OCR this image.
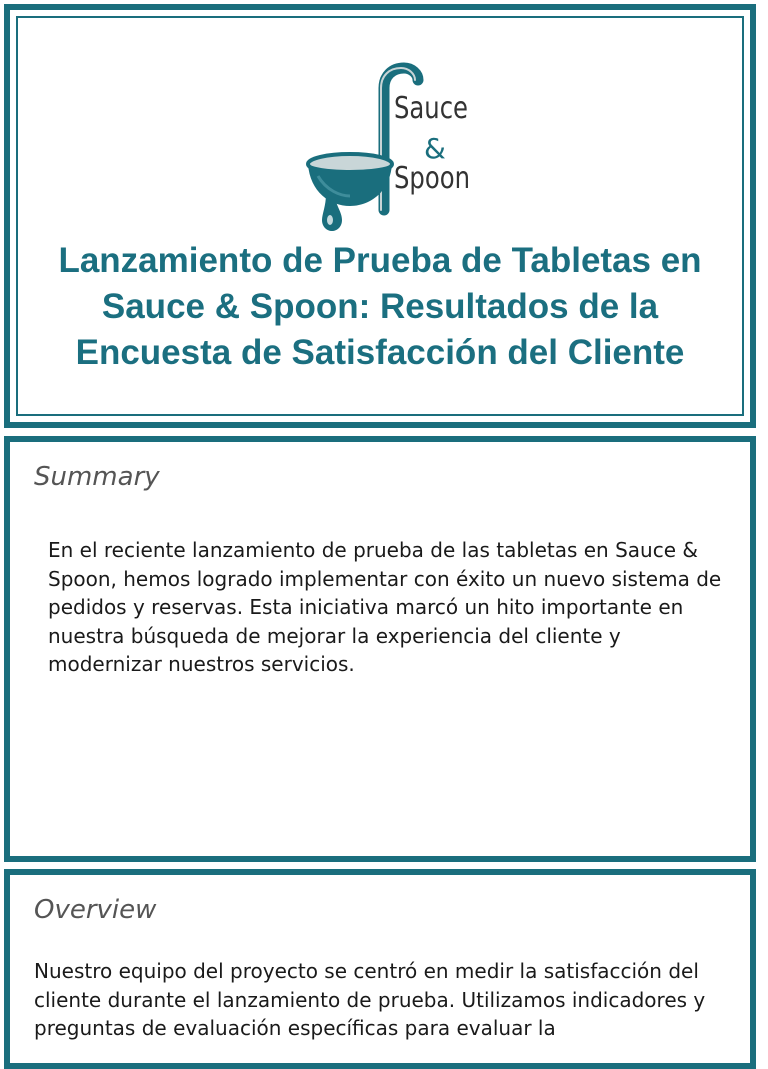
Sauce
&
Spoon
Lanzamiento de Prueba de Tabletas en Sauce & Spoon: Resultados de la Encuesta de Satisfacción del Cliente
Summary

En el reciente lanzamiento de prueba de las tabletas en Sauce & Spoon, hemos logrado implementar con éxito un nuevo sistema de pedidos y reservas. Esta iniciativa marcó un hito importante en nuestra búsqueda de mejorar la experiencia del cliente y modernizar nuestros servicios.

Overview

Nuestro equipo del proyecto se centró en medir la satisfacción del cliente durante el lanzamiento de prueba. Utilizamos indicadores y preguntas de evaluación específicas para evaluar la
